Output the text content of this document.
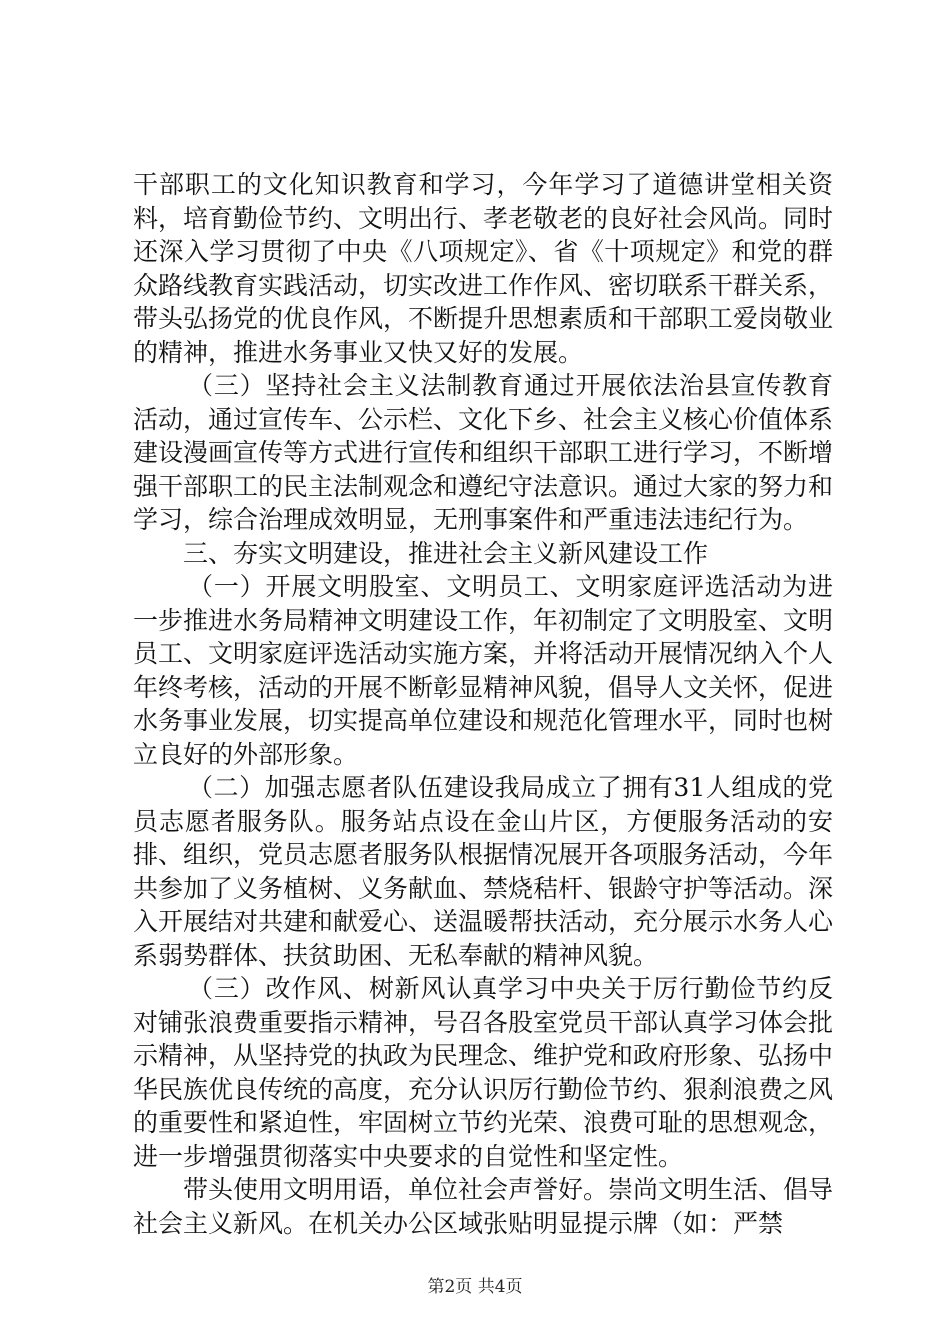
干部职工的文化知识教育和学习，今年学习了道德讲堂相关资料，培育勤俭节约、文明出行、孝老敬老的良好社会风尚。同时还深入学习贯彻了中央《八项规定》、省《十项规定》和党的群众路线教育实践活动，切实改进工作作风、密切联系干群关系，带头弘扬党的优良作风，不断提升思想素质和干部职工爱岗敬业的精神，推进水务事业又快又好的发展。

（三）坚持社会主义法制教育通过开展依法治县宣传教育活动，通过宣传车、公示栏、文化下乡、社会主义核心价值体系建设漫画宣传等方式进行宣传和组织干部职工进行学习，不断增强干部职工的民主法制观念和遵纪守法意识。通过大家的努力和学习，综合治理成效明显，无刑事案件和严重违法违纪行为。

三、夯实文明建设，推进社会主义新风建设工作

（一）开展文明股室、文明员工、文明家庭评选活动为进一步推进水务局精神文明建设工作，年初制定了文明股室、文明员工、文明家庭评选活动实施方案，并将活动开展情况纳入个人年终考核，活动的开展不断彰显精神风貌，倡导人文关怀，促进水务事业发展，切实提高单位建设和规范化管理水平，同时也树立良好的外部形象。

（二）加强志愿者队伍建设我局成立了拥有31人组成的党员志愿者服务队。服务站点设在金山片区，方便服务活动的安排、组织，党员志愿者服务队根据情况展开各项服务活动，今年共参加了义务植树、义务献血、禁烧秸杆、银龄守护等活动。深入开展结对共建和献爱心、送温暖帮扶活动，充分展示水务人心系弱势群体、扶贫助困、无私奉献的精神风貌。

（三）改作风、树新风认真学习中央关于厉行勤俭节约反对铺张浪费重要指示精神，号召各股室党员干部认真学习体会批示精神，从坚持党的执政为民理念、维护党和政府形象、弘扬中华民族优良传统的高度，充分认识厉行勤俭节约、狠刹浪费之风的重要性和紧迫性，牢固树立节约光荣、浪费可耻的思想观念，进一步增强贯彻落实中央要求的自觉性和坚定性。

带头使用文明用语，单位社会声誉好。崇尚文明生活、倡导社会主义新风。在机关办公区域张贴明显提示牌（如：严禁

第2页 共4页
